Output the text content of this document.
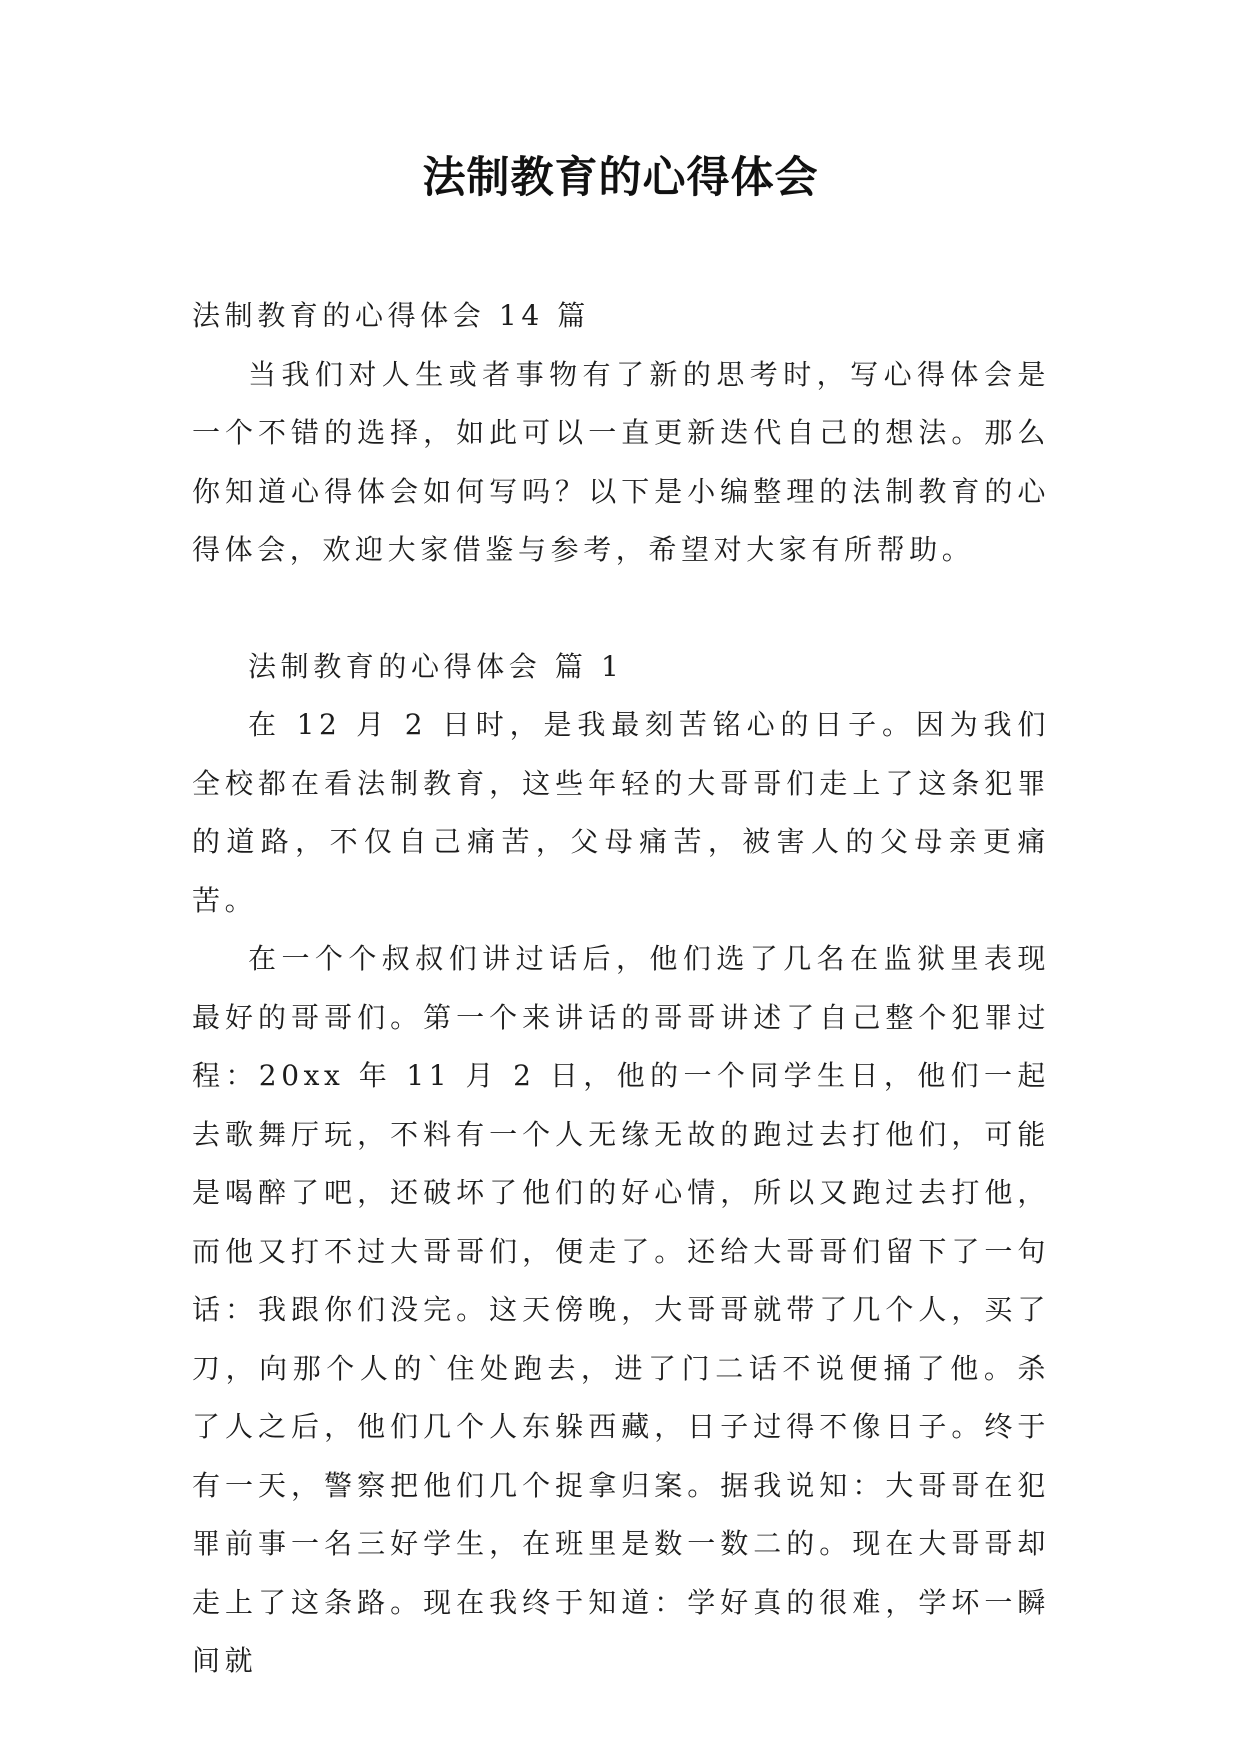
法制教育的心得体会

法制教育的心得体会 14 篇

当我们对人生或者事物有了新的思考时，写心得体会是一个不错的选择，如此可以一直更新迭代自己的想法。那么你知道心得体会如何写吗？以下是小编整理的法制教育的心得体会，欢迎大家借鉴与参考，希望对大家有所帮助。

法制教育的心得体会 篇 1

在 12 月 2 日时，是我最刻苦铭心的日子。因为我们全校都在看法制教育，这些年轻的大哥哥们走上了这条犯罪的道路，不仅自己痛苦，父母痛苦，被害人的父母亲更痛苦。

在一个个叔叔们讲过话后，他们选了几名在监狱里表现最好的哥哥们。第一个来讲话的哥哥讲述了自己整个犯罪过程：20xx 年 11 月 2 日，他的一个同学生日，他们一起去歌舞厅玩，不料有一个人无缘无故的跑过去打他们，可能是喝醉了吧，还破坏了他们的好心情，所以又跑过去打他，而他又打不过大哥哥们，便走了。还给大哥哥们留下了一句话：我跟你们没完。这天傍晚，大哥哥就带了几个人，买了刀，向那个人的`住处跑去，进了门二话不说便捅了他。杀了人之后，他们几个人东躲西藏，日子过得不像日子。终于有一天，警察把他们几个捉拿归案。据我说知：大哥哥在犯罪前事一名三好学生，在班里是数一数二的。现在大哥哥却走上了这条路。现在我终于知道：学好真的很难，学坏一瞬间就
